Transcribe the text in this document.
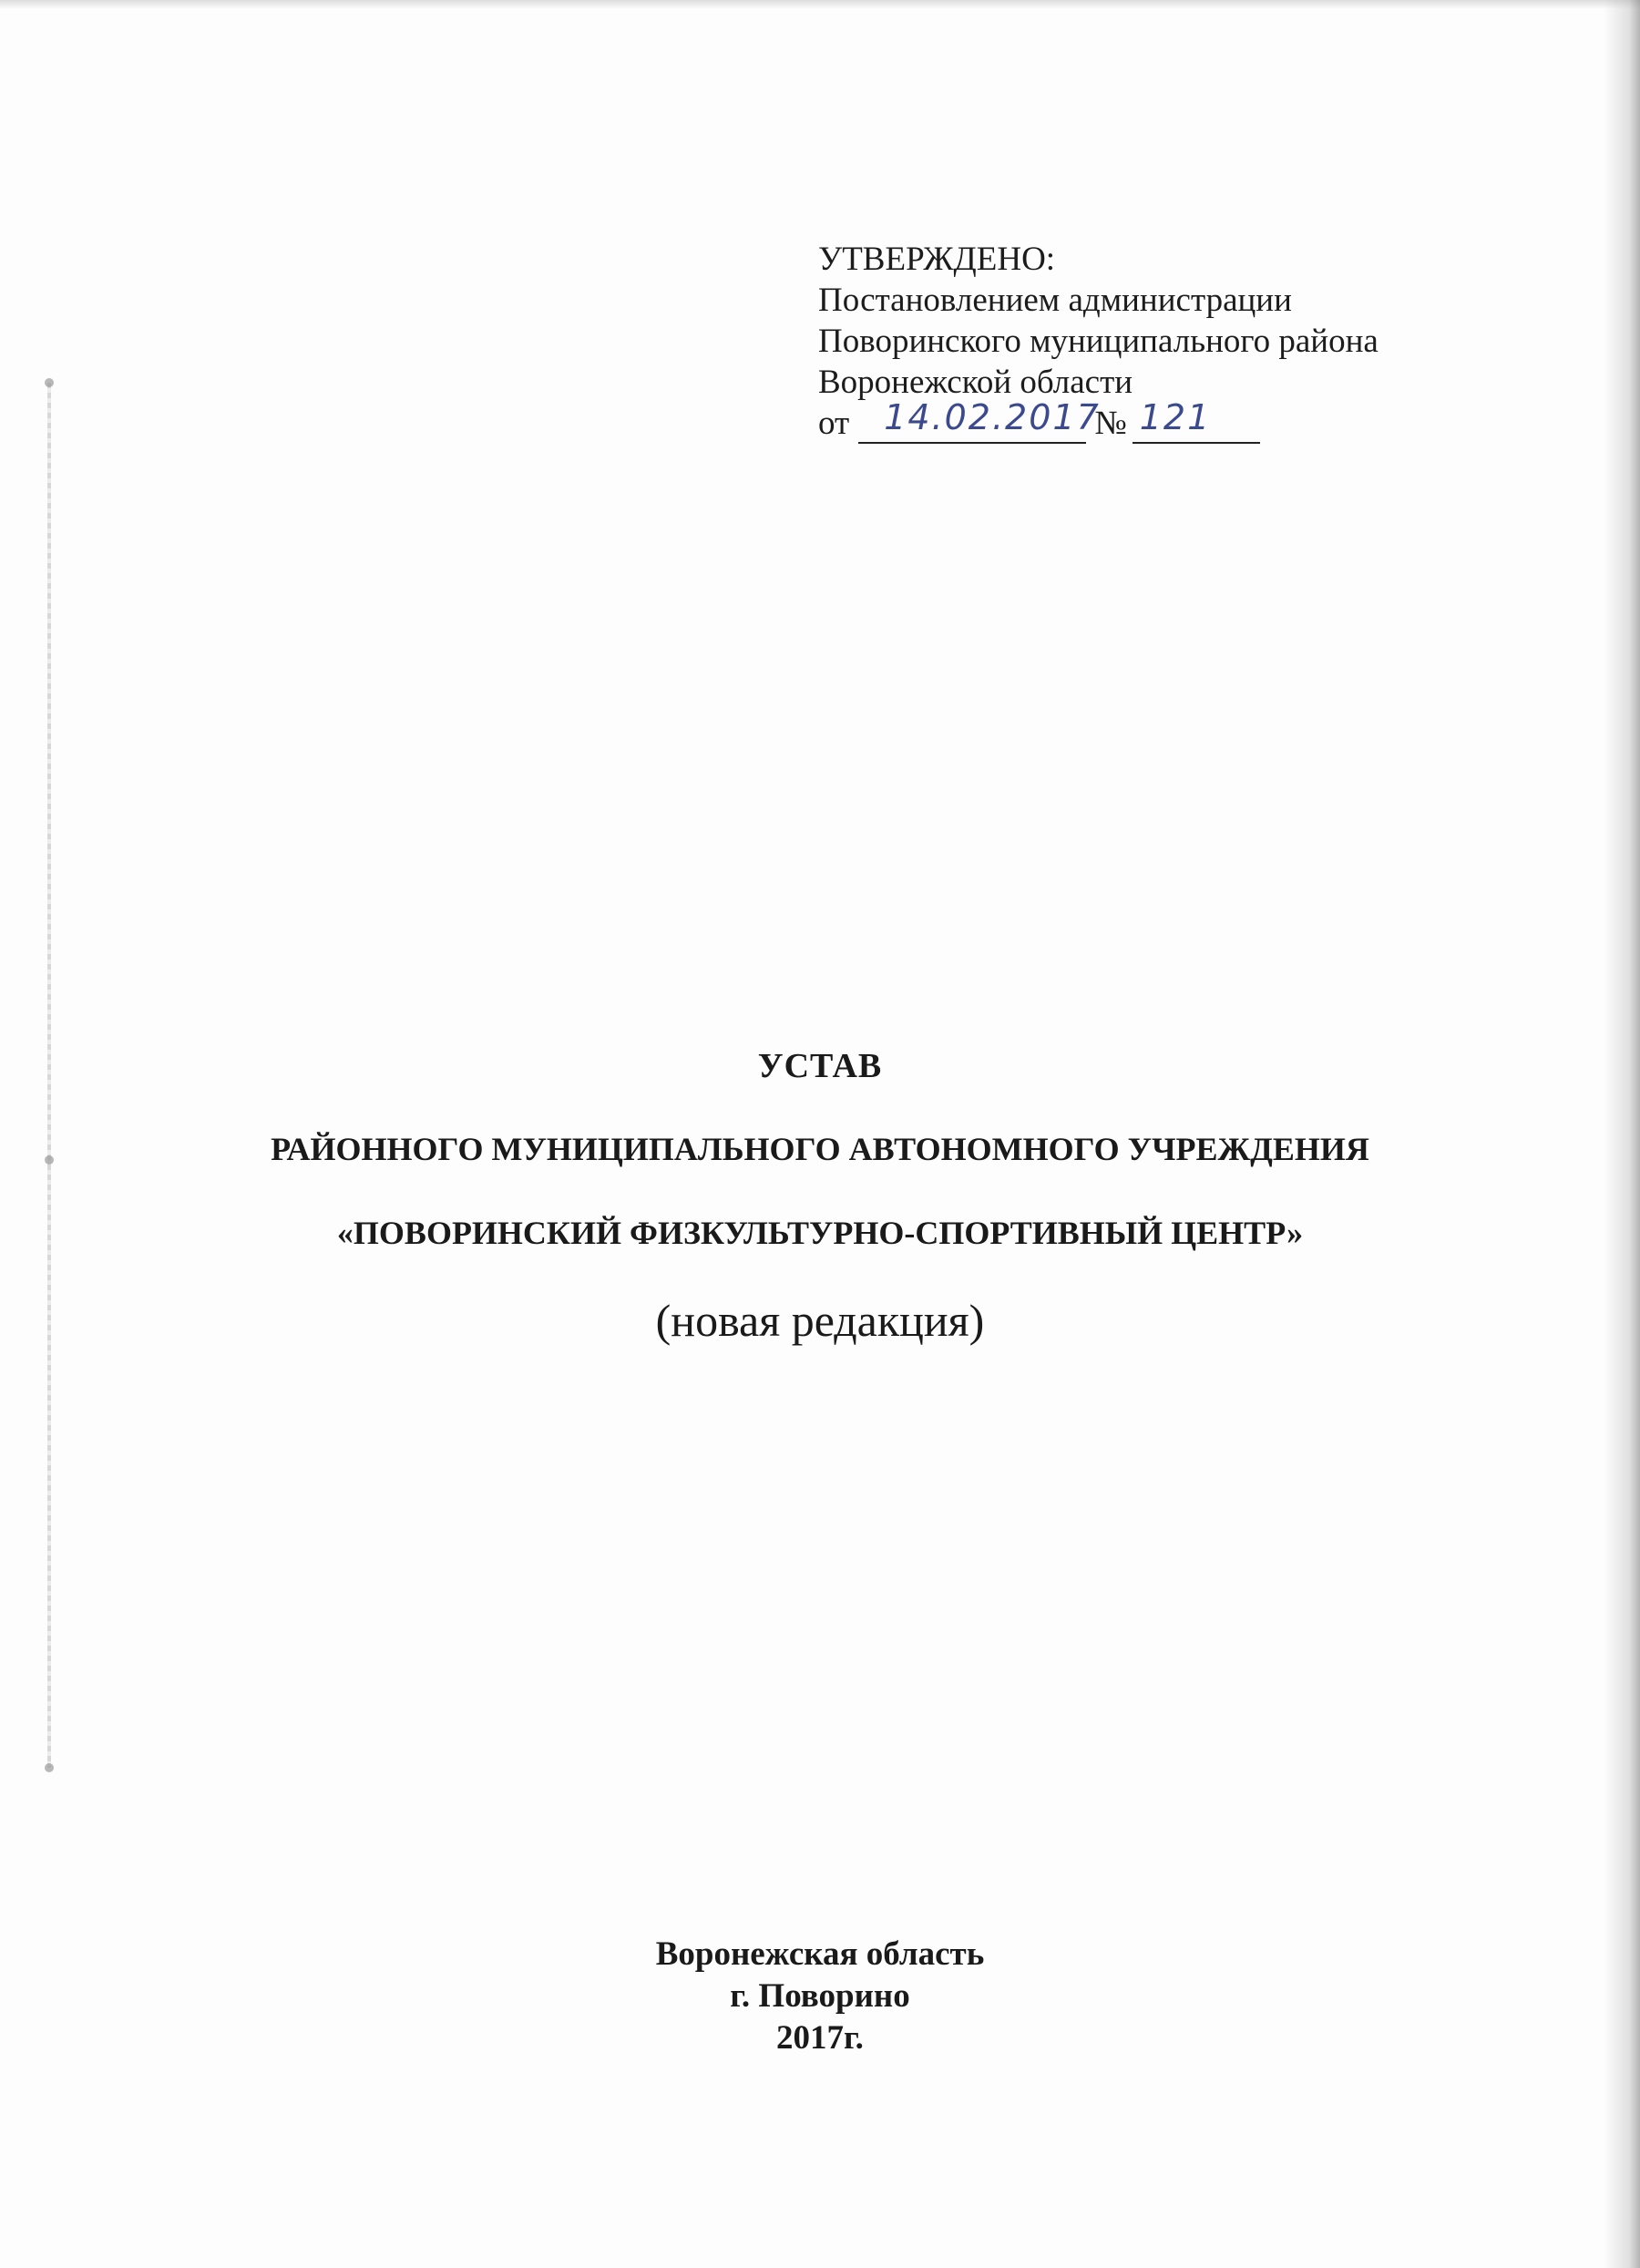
УТВЕРЖДЕНО:
Постановлением администрации
Поворинского муниципального района
Воронежской области
от 14.02.2017
№ 121
УСТАВ
РАЙОННОГО МУНИЦИПАЛЬНОГО АВТОНОМНОГО УЧРЕЖДЕНИЯ
«ПОВОРИНСКИЙ ФИЗКУЛЬТУРНО-СПОРТИВНЫЙ ЦЕНТР»
(новая редакция)
Воронежская область
г. Поворино
2017г.
